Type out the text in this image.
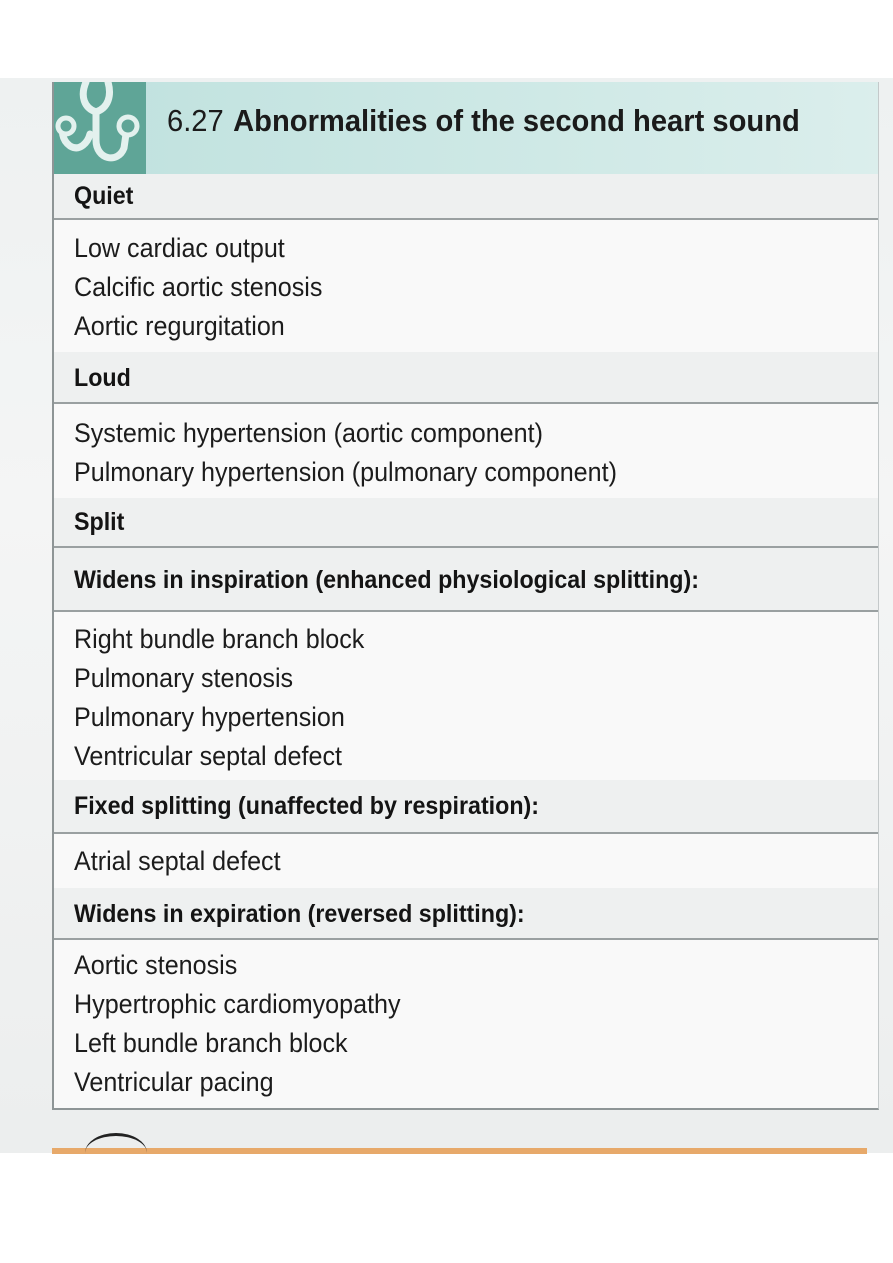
6.27 Abnormalities of the second heart sound
Quiet
Low cardiac output
Calcific aortic stenosis
Aortic regurgitation
Loud
Systemic hypertension (aortic component)
Pulmonary hypertension (pulmonary component)
Split
Widens in inspiration (enhanced physiological splitting):
Right bundle branch block
Pulmonary stenosis
Pulmonary hypertension
Ventricular septal defect
Fixed splitting (unaffected by respiration):
Atrial septal defect
Widens in expiration (reversed splitting):
Aortic stenosis
Hypertrophic cardiomyopathy
Left bundle branch block
Ventricular pacing
